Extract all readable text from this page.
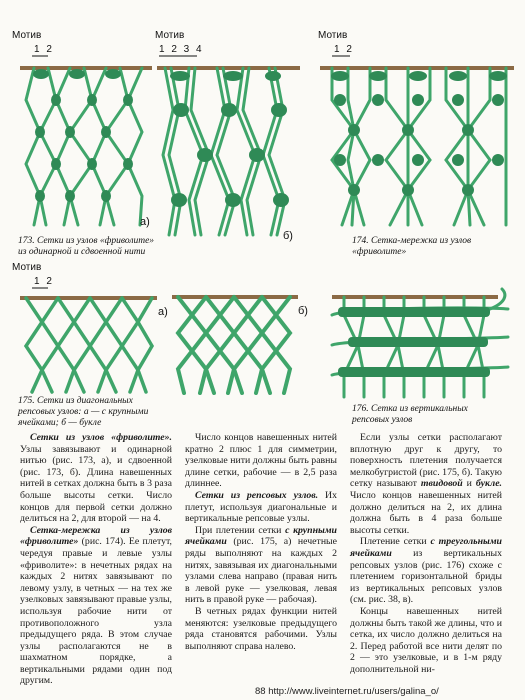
Мотив
1 2
а)
Мотив
1 2 3 4
б)
Мотив
1 2
173. Сетки из узлов «фриволите» из одинарной и сдвоенной нити
174. Сетка-мережка из узлов «фриволите»
Мотив
1 2
а)	б)
175. Сетки из диагональных репсовых узлов: а — с крупными ячейками; б — букле
176. Сетка из вертикальных репсовых узлов

Сетки из узлов «фриволите». Узлы завязывают и одинарной нитью (рис. 173, а), и сдвоенной (рис. 173, б). Длина навешенных нитей в сетках должна быть в 3 раза больше высоты сетки. Число концов для первой сетки должно делиться на 2, для второй — на 4.

Сетка-мережка из узлов «фриволите» (рис. 174). Ее плетут, чередуя правые и левые узлы «фриволите»: в нечетных рядах на каждых 2 нитях завязывают по левому узлу, в четных — на тех же узелковых завязывают правые узлы, используя рабочие нити от противоположного узла предыдущего ряда. В этом случае узлы располагаются не в шахматном порядке, а вертикальными рядами один под другим.

Число концов навешенных нитей кратно 2 плюс 1 для симметрии, узелковые нити должны быть равны длине сетки, рабочие — в 2,5 раза длиннее.

Сетки из репсовых узлов. Их плетут, используя диагональные и вертикальные репсовые узлы.

При плетении сетки с крупными ячейками (рис. 175, а) нечетные ряды выполняют на каждых 2 нитях, завязывая их диагональными узлами слева направо (правая нить в левой руке — узелковая, левая нить в правой руке — рабочая).

В четных рядах функции нитей меняются: узелковые предыдущего ряда становятся рабочими. Узлы выполняют справа налево.

Если узлы сетки располагают вплотную друг к другу, то поверхность плетения получается мелкобугристой (рис. 175, б). Такую сетку называют твидовой и букле. Число концов навешенных нитей должно делиться на 2, их длина должна быть в 4 раза больше высоты сетки.

Плетение сетки с треугольными ячейками из вертикальных репсовых узлов (рис. 176) схоже с плетением горизонтальной бриды из вертикальных репсовых узлов (см. рис. 38, в).

Концы навешенных нитей должны быть такой же длины, что и сетка, их число должно делиться на 2. Перед работой все нити делят по 2 — это узелковые, и в 1-м ряду дополнительной ни-

88 http://www.liveinternet.ru/users/galina_o/
